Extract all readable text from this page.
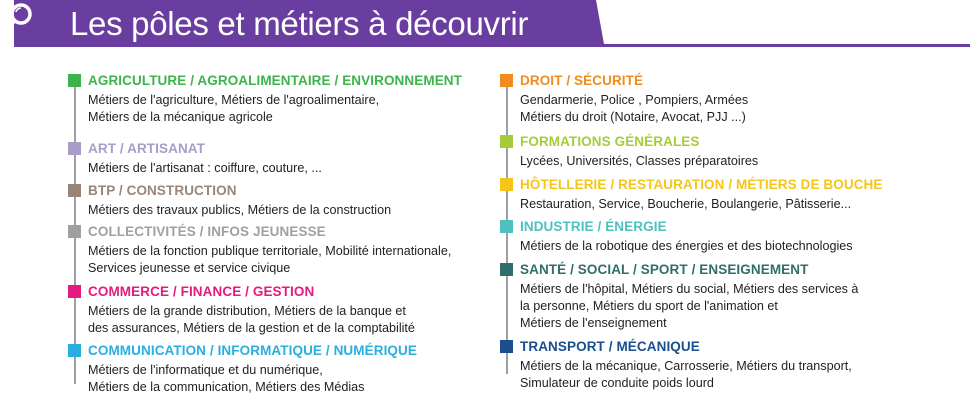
Les pôles et métiers à découvrir
AGRICULTURE / AGROALIMENTAIRE / ENVIRONNEMENT
Métiers de l'agriculture, Métiers de l'agroalimentaire,
Métiers de la mécanique agricole
ART / ARTISANAT
Métiers de l'artisanat : coiffure, couture, ...
BTP / CONSTRUCTION
Métiers des travaux publics, Métiers de la construction
COLLECTIVITÉS / INFOS JEUNESSE
Métiers de la fonction publique territoriale, Mobilité internationale,
Services jeunesse et service civique
COMMERCE / FINANCE / GESTION
Métiers de la grande distribution, Métiers de la banque et
des assurances, Métiers de la gestion et de la comptabilité
COMMUNICATION / INFORMATIQUE / NUMÉRIQUE
Métiers de l'informatique et du numérique,
Métiers de la communication, Métiers des Médias
DROIT / SÉCURITÉ
Gendarmerie, Police , Pompiers, Armées
Métiers du droit (Notaire, Avocat, PJJ ...)
FORMATIONS GÉNÉRALES
Lycées, Universités, Classes préparatoires
HÔTELLERIE / RESTAURATION / MÉTIERS DE BOUCHE
Restauration, Service, Boucherie, Boulangerie, Pâtisserie...
INDUSTRIE / ÉNERGIE
Métiers de la robotique des énergies et des biotechnologies
SANTÉ / SOCIAL / SPORT / ENSEIGNEMENT
Métiers de l'hôpital, Métiers du social, Métiers des services à
la personne, Métiers du sport de l'animation et
Métiers de l'enseignement
TRANSPORT / MÉCANIQUE
Métiers de la mécanique, Carrosserie, Métiers du transport,
Simulateur de conduite poids lourd
